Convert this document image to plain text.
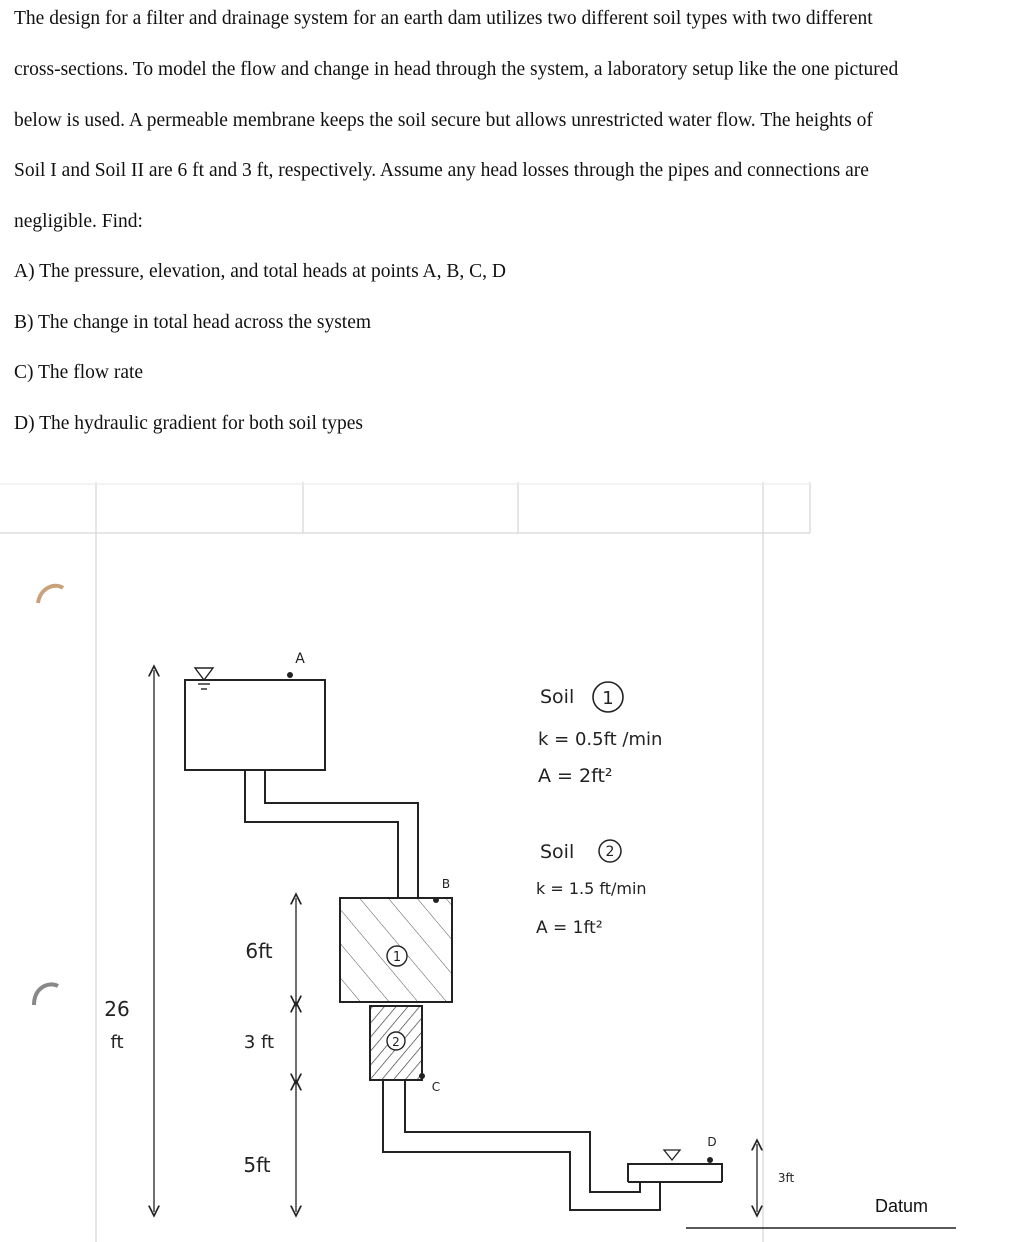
The design for a filter and drainage system for an earth dam utilizes two different soil types with two different
cross-sections. To model the flow and change in head through the system, a laboratory setup like the one pictured
below is used. A permeable membrane keeps the soil secure but allows unrestricted water flow. The heights of
Soil I and Soil II are 6 ft and 3 ft, respectively. Assume any head losses through the pipes and connections are
negligible. Find:
A) The pressure, elevation, and total heads at points A, B, C, D
B) The change in total head across the system
C) The flow rate
D) The hydraulic gradient for both soil types
A
1
B
2
C
D
Datum
26
ft
6ft
3 ft
5ft
3ft
Soil 1
k = 0.5ft /min
A = 2ft²
Soil 2
k = 1.5 ft/min
A = 1ft²
